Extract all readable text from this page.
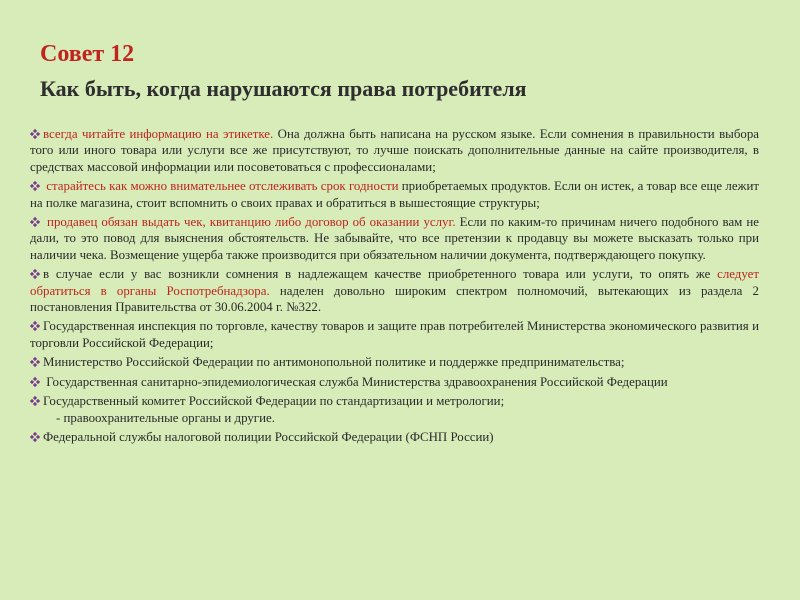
Совет 12
Как быть, когда нарушаются права потребителя
всегда читайте информацию на этикетке. Она должна быть написана на русском языке. Если сомнения в правильности выбора того или иного товара или услуги все же присутствуют, то лучше поискать дополнительные данные на сайте производителя, в средствах массовой информации или посоветоваться с профессионалами;
старайтесь как можно внимательнее отслеживать срок годности приобретаемых продуктов. Если он истек, а товар все еще лежит на полке магазина, стоит вспомнить о своих правах и обратиться в вышестоящие структуры;
продавец обязан выдать чек, квитанцию либо договор об оказании услуг. Если по каким-то причинам ничего подобного вам не дали, то это повод для выяснения обстоятельств. Не забывайте, что все претензии к продавцу вы можете высказать только при наличии чека. Возмещение ущерба также производится при обязательном наличии документа, подтверждающего покупку.
в случае если у вас возникли сомнения в надлежащем качестве приобретенного товара или услуги, то опять же следует обратиться в органы Роспотребнадзора. наделен довольно широким спектром полномочий, вытекающих из раздела 2 постановления Правительства от 30.06.2004 г. №322.
Государственная инспекция по торговле, качеству товаров и защите прав потребителей Министерства экономического развития и торговли Российской Федерации;
Министерство Российской Федерации по антимонопольной политике и поддержке предпринимательства;
Государственная санитарно-эпидемиологическая служба Министерства здравоохранения Российской Федерации
Государственный комитет Российской Федерации по стандартизации и метрологии;
- правоохранительные органы и другие.
Федеральной службы налоговой полиции Российской Федерации (ФСНП России)
